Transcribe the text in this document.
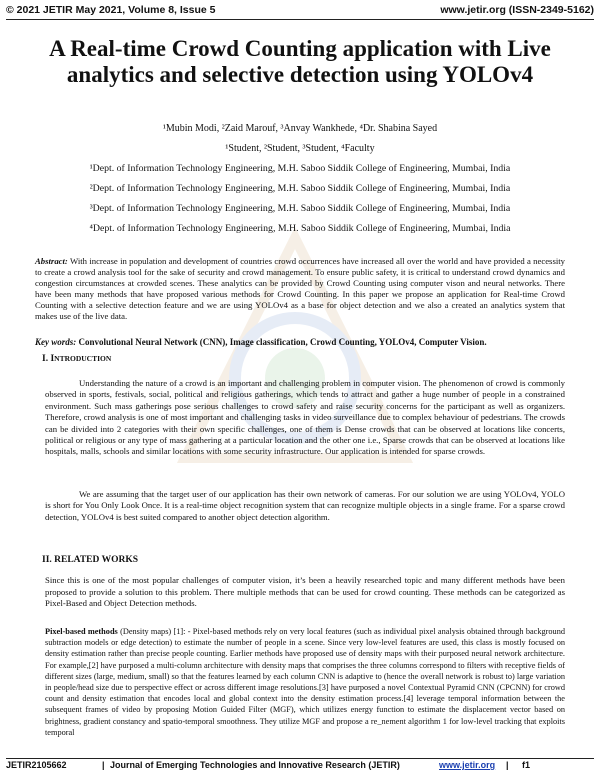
© 2021 JETIR May 2021, Volume 8, Issue 5	www.jetir.org (ISSN-2349-5162)
A Real-time Crowd Counting application with Live analytics and selective detection using YOLOv4
¹Mubin Modi, ²Zaid Marouf, ³Anvay Wankhede, ⁴Dr. Shabina Sayed
¹Student, ²Student, ³Student, ⁴Faculty
¹Dept. of Information Technology Engineering, M.H. Saboo Siddik College of Engineering, Mumbai, India
²Dept. of Information Technology Engineering, M.H. Saboo Siddik College of Engineering, Mumbai, India
³Dept. of Information Technology Engineering, M.H. Saboo Siddik College of Engineering, Mumbai, India
⁴Dept. of Information Technology Engineering, M.H. Saboo Siddik College of Engineering, Mumbai, India
Abstract: With increase in population and development of countries crowd occurrences have increased all over the world and have provided a necessity to create a crowd analysis tool for the sake of security and crowd management. To ensure public safety, it is critical to understand crowd dynamics and congestion circumstances at crowded scenes. These analytics can be provided by Crowd Counting using computer vison and neural networks. There have been many methods that have proposed various methods for Crowd Counting. In this paper we propose an application for Real-time Crowd Counting with a selective detection feature and we are using YOLOv4 as a base for object detection and we also a created an analytics system that makes use of the live data.
Key words: Convolutional Neural Network (CNN), Image classification, Crowd Counting, YOLOv4, Computer Vision.
I. INTRODUCTION
Understanding the nature of a crowd is an important and challenging problem in computer vision. The phenomenon of crowd is commonly observed in sports, festivals, social, political and religious gatherings, which tends to attract and gather a huge number of people in a constrained environment. Such mass gatherings pose serious challenges to crowd safety and raise security concerns for the participant as well as organizers. Therefore, crowd analysis is one of most important and challenging tasks in video surveillance due to complex behaviour of pedestrians. The crowds can be divided into 2 categories with their own specific challenges, one of them is Dense crowds that can be observed at locations like concerts, political or religious or any type of mass gathering at a particular location and the other one i.e., Sparse crowds that can be observed at locations like hospitals, malls, schools and similar locations with some security infrastructure. Our application is intended for sparse crowds.
We are assuming that the target user of our application has their own network of cameras. For our solution we are using YOLOv4, YOLO is short for You Only Look Once. It is a real-time object recognition system that can recognize multiple objects in a single frame. For a sparse crowd detection, YOLOv4 is best suited compared to another object detection algorithm.
II. RELATED WORKS
Since this is one of the most popular challenges of computer vision, it’s been a heavily researched topic and many different methods have been proposed to provide a solution to this problem. There multiple methods that can be used for crowd counting. These methods can be categorized as Pixel-Based and Object Detection methods.
Pixel-based methods (Density maps) [1]: - Pixel-based methods rely on very local features (such as individual pixel analysis obtained through background subtraction models or edge detection) to estimate the number of people in a scene. Since very low-level features are used, this class is mostly focused on density estimation rather than precise people counting. Earlier methods have proposed use of density maps with their purposed neural network architecture. For example,[2] have purposed a multi-column architecture with density maps that comprises the three columns correspond to filters with receptive fields of different sizes (large, medium, small) so that the features learned by each column CNN is adaptive to (hence the overall network is robust to) large variation in people/head size due to perspective effect or across different image resolutions.[3] have purposed a novel Contextual Pyramid CNN (CPCNN) for crowd count and density estimation that encodes local and global context into the density estimation process.[4] leverage temporal information between the subsequent frames of video by proposing Motion Guided Filter (MGF), which utilizes energy function to estimate the displacement vector based on brightness, gradient constancy and spatio-temporal smoothness. They utilize MGF and propose a re_nement algorithm 1 for low-level tracking that exploits temporal
JETIR2105662	| Journal of Emerging Technologies and Innovative Research (JETIR)	www.jetir.org | f1
